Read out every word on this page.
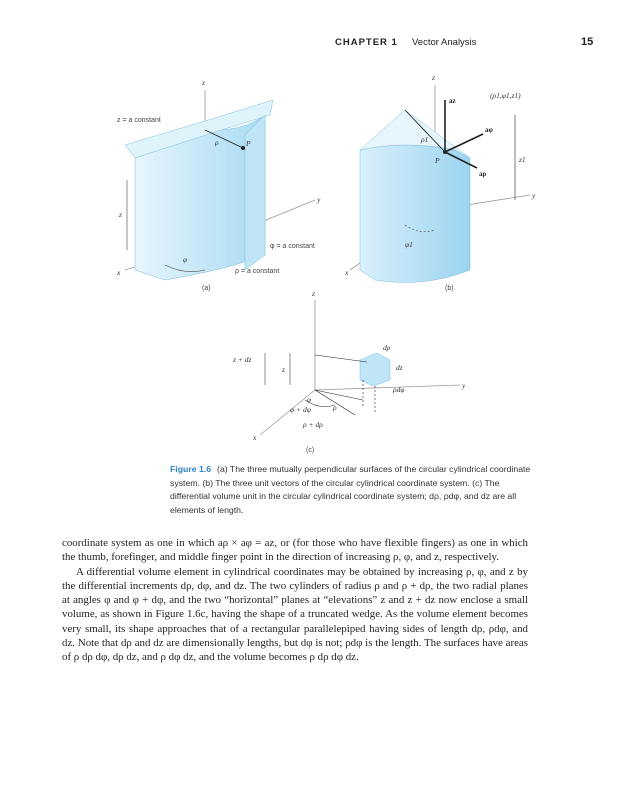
CHAPTER 1 Vector Analysis	15
z = a constant
φ = a constant
ρ = a constant
ρ
φ
P
z
y
x
z
(a)
(ρ1,φ1,z1)
az
aφ
aρ
ρ1
P	z1
φ1
z
y
x
(b)
z + dz
z
dρ
dz
ρdφ
φ
φ + dφ	ρ
ρ + dρ
z
y
x
(c)
Figure 1.6 (a) The three mutually perpendicular surfaces of the circular cylindrical coordinate system. (b) The three unit vectors of the circular cylindrical coordinate system. (c) The differential volume unit in the circular cylindrical coordinate system; dρ, ρdφ, and dz are all elements of length.

coordinate system as one in which aρ × aφ = az, or (for those who have flexible fingers) as one in which the thumb, forefinger, and middle finger point in the direction of increasing ρ, φ, and z, respectively.

A differential volume element in cylindrical coordinates may be obtained by increasing ρ, φ, and z by the differential increments dρ, dφ, and dz. The two cylinders of radius ρ and ρ + dρ, the two radial planes at angles φ and φ + dφ, and the two “horizontal” planes at “elevations” z and z + dz now enclose a small volume, as shown in Figure 1.6c, having the shape of a truncated wedge. As the volume element becomes very small, its shape approaches that of a rectangular parallelepiped having sides of length dρ, ρdφ, and dz. Note that dρ and dz are dimensionally lengths, but dφ is not; ρdφ is the length. The surfaces have areas of ρ dρ dφ, dρ dz, and ρ dφ dz, and the volume becomes ρ dρ dφ dz.
